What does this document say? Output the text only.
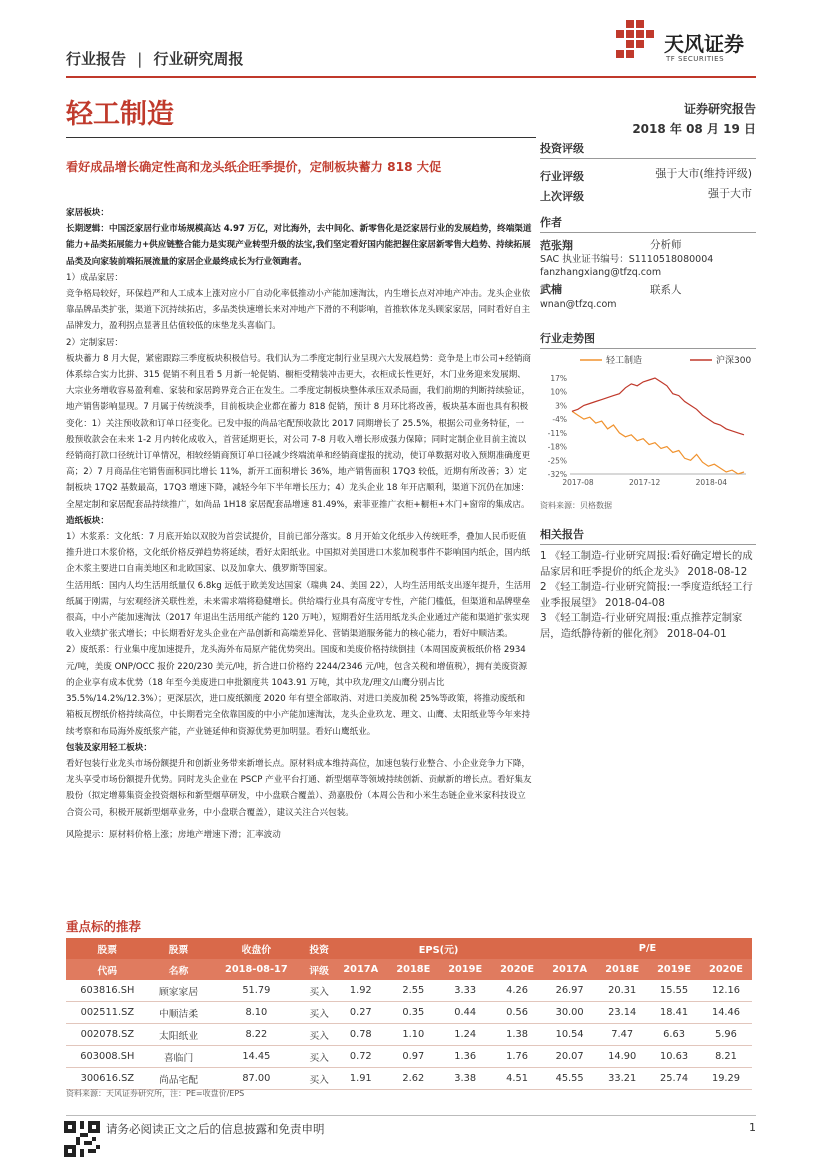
天风证券
TF SECURITIES
行业报告 | 行业研究周报
轻工制造	证券研究报告
2018 年 08 月 19 日
看好成品增长确定性高和龙头纸企旺季提价，定制板块蓄力 818 大促
投资评级
行业评级	强于大市(维持评级)
上次评级	强于大市
作者
范张翔	分析师
SAC 执业证书编号：S1110518080004
fanzhangxiang@tfzq.com
武楠	联系人
wnan@tfzq.com
行业走势图
轻工制造	沪深300
17%
10%
3%
-4%
-11%
-18%
-25%
-32%
2017-08	2017-12	2018-04
资料来源：贝格数据
相关报告
1 《轻工制造-行业研究周报:看好确定增长的成品家居和旺季提价的纸企龙头》 2018-08-12
2 《轻工制造-行业研究简报:一季度造纸轻工行业季报展望》 2018-04-08
3 《轻工制造-行业研究周报:重点推荐定制家居，造纸静待新的催化剂》 2018-04-01

家居板块：

长期逻辑：中国泛家居行业市场规模高达 4.97 万亿，对比海外，去中间化、新零售化是泛家居行业的发展趋势，终端渠道能力+品类拓展能力+供应链整合能力是实现产业转型升级的法宝,我们坚定看好国内能把握住家居新零售大趋势、持续拓展品类及向家装前端拓展流量的家居企业最终成长为行业领跑者。

1）成品家居：

竞争格局较好，环保趋严和人工成本上涨对应小厂自动化率低推动小产能加速淘汰，内生增长点对冲地产冲击。龙头企业依靠品牌品类扩张，渠道下沉持续拓店，多品类快速增长来对冲地产下滑的不利影响，首推软体龙头顾家家居，同时看好自主品牌发力，盈利拐点显著且估值较低的床垫龙头喜临门。

2）定制家居：

板块蓄力 8 月大促，紧密跟踪三季度板块积极信号。我们认为二季度定制行业呈现六大发展趋势：竞争是上市公司+经销商体系综合实力比拼、315 促销不利且看 5 月新一轮促销、橱柜受精装冲击更大，衣柜成长性更好，木门业务迎来发展期、大宗业务增收容易盈利难、家装和家居跨界竞合正在发生。二季度定制板块整体承压双杀局面，我们前期的判断持续验证，地产销售影响显现。7 月属于传统淡季，目前板块企业都在蓄力 818 促销，预计 8 月环比将改善，板块基本面也具有积极变化：1）关注预收款和订单口径变化。已发中报的尚品宅配预收款比 2017 同期增长了 25.5%，根据公司业务特征，一般预收款会在未来 1-2 月内转化成收入，首营延期更长，对公司 7-8 月收入增长形成强力保障；同时定制企业目前主流以经销商打款口径统计订单情况，相较经销商预订单口径减少终端流单和经销商虚报的扰动，使订单数据对收入预期准确度更高；2）7 月商品住宅销售面积同比增长 11%，新开工面积增长 36%，地产销售面积 17Q3 较低，近期有所改善；3）定制板块 17Q2 基数最高，17Q3 增速下降，减轻今年下半年增长压力；4）龙头企业 18 年开店顺利，渠道下沉仍在加速：全屋定制和家居配套品持续推广，如尚品 1H18 家居配套品增速 81.49%，索菲亚推广衣柜+橱柜+木门+窗帘的集成店。

造纸板块：

1）木浆系：文化纸：7 月底开始以双胶为首尝试提价，目前已部分落实。8 月开始文化纸步入传统旺季，叠加人民币贬值推升进口木浆价格，文化纸价格反弹趋势将延续，看好太阳纸业。中国拟对美国进口木浆加税事件不影响国内纸企，国内纸企木浆主要进口自南美地区和北欧国家、以及加拿大、俄罗斯等国家。

生活用纸：国内人均生活用纸量仅 6.8kg 远低于欧美发达国家（瑞典 24、美国 22），人均生活用纸支出逐年提升，生活用纸属于刚需，与宏观经济关联性差，未来需求端将稳健增长。供给端行业具有高度守专性，产能门槛低，但渠道和品牌壁垒很高，中小产能加速淘汰（2017 年退出生活用纸产能约 120 万吨），短期看好生活用纸龙头企业通过产能和渠道扩张实现收入业绩扩张式增长；中长期看好龙头企业在产品创新和高端差异化、营销渠道服务能力的核心能力，看好中顺洁柔。

2）废纸系：行业集中度加速提升，龙头海外布局原产能优势突出。国废和美废价格持续倒挂（本周国废黄板纸价格 2934 元/吨，美废 ONP/OCC 报价 220/230 美元/吨，折合进口价格约 2244/2346 元/吨，包含关税和增值税），拥有美废资源的企业享有成本优势（18 年至今美废进口申批额度共 1043.91 万吨，其中玖龙/理文/山鹰分别占比 35.5%/14.2%/12.3%）；更深层次，进口废纸额度 2020 年有望全部取消、对进口美废加税 25%等政策，将推动废纸和箱板瓦楞纸价格持续高位，中长期看完全依靠国废的中小产能加速淘汰，龙头企业玖龙、理文、山鹰、太阳纸业等今年来持续考察和布局海外废纸浆产能，产业链延伸和资源优势更加明显。看好山鹰纸业。

包装及家用轻工板块：

看好包装行业龙头市场份额提升和创新业务带来新增长点。原材料成本维持高位，加速包装行业整合、小企业竞争力下降，龙头享受市场份额提升优势。同时龙头企业在 PSCP 产业平台打通、新型烟草等领域持续创新、贡献新的增长点。看好集友股份（拟定增募集资金投资烟标和新型烟草研发，中小盘联合覆盖）、劲嘉股份（本周公告和小米生态链企业米家科技设立合资公司，积极开展新型烟草业务，中小盘联合覆盖），建议关注合兴包装。

风险提示：原材料价格上涨；房地产增速下滑；汇率波动

重点标的推荐
股票	股票	收盘价	投资	EPS(元)				P/E			
代码	名称	2018-08-17	评级	2017A	2018E	2019E	2020E	2017A	2018E	2019E	2020E
603816.SH	顾家家居	51.79	买入	1.92	2.55	3.33	4.26	26.97	20.31	15.55	12.16
002511.SZ	中顺洁柔	8.10	买入	0.27	0.35	0.44	0.56	30.00	23.14	18.41	14.46
002078.SZ	太阳纸业	8.22	买入	0.78	1.10	1.24	1.38	10.54	7.47	6.63	5.96
603008.SH	喜临门	14.45	买入	0.72	0.97	1.36	1.76	20.07	14.90	10.63	8.21
300616.SZ	尚品宅配	87.00	买入	1.91	2.62	3.38	4.51	45.55	33.21	25.74	19.29
资料来源：天风证券研究所，注：PE=收盘价/EPS
请务必阅读正文之后的信息披露和免责申明	1
